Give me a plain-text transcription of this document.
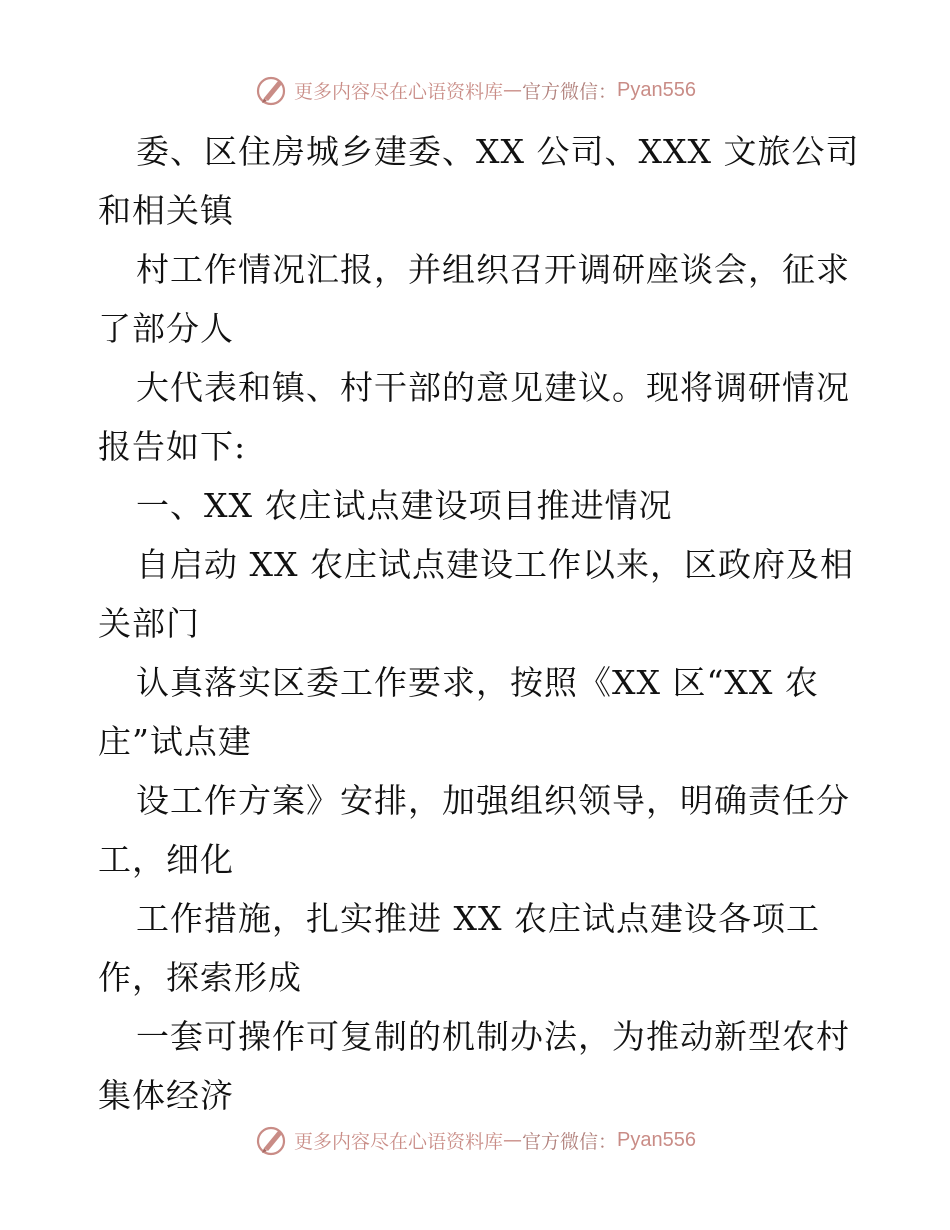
更多内容尽在心语资料库 — 官方微信： Pyan556
委、区住房城乡建委、XX 公司、XXX 文旅公司
和相关镇
村工作情况汇报，并组织召开调研座谈会，征求
了部分人
大代表和镇、村干部的意见建议。现将调研情况
报告如下:
一、XX 农庄试点建设项目推进情况
自启动 XX 农庄试点建设工作以来，区政府及相
关部门
认真落实区委工作要求，按照《XX 区“XX 农
庄”试点建
设工作方案》安排，加强组织领导，明确责任分
工，细化
工作措施，扎实推进 XX 农庄试点建设各项工
作，探索形成
一套可操作可复制的机制办法，为推动新型农村
集体经济
更多内容尽在心语资料库 — 官方微信： Pyan556
